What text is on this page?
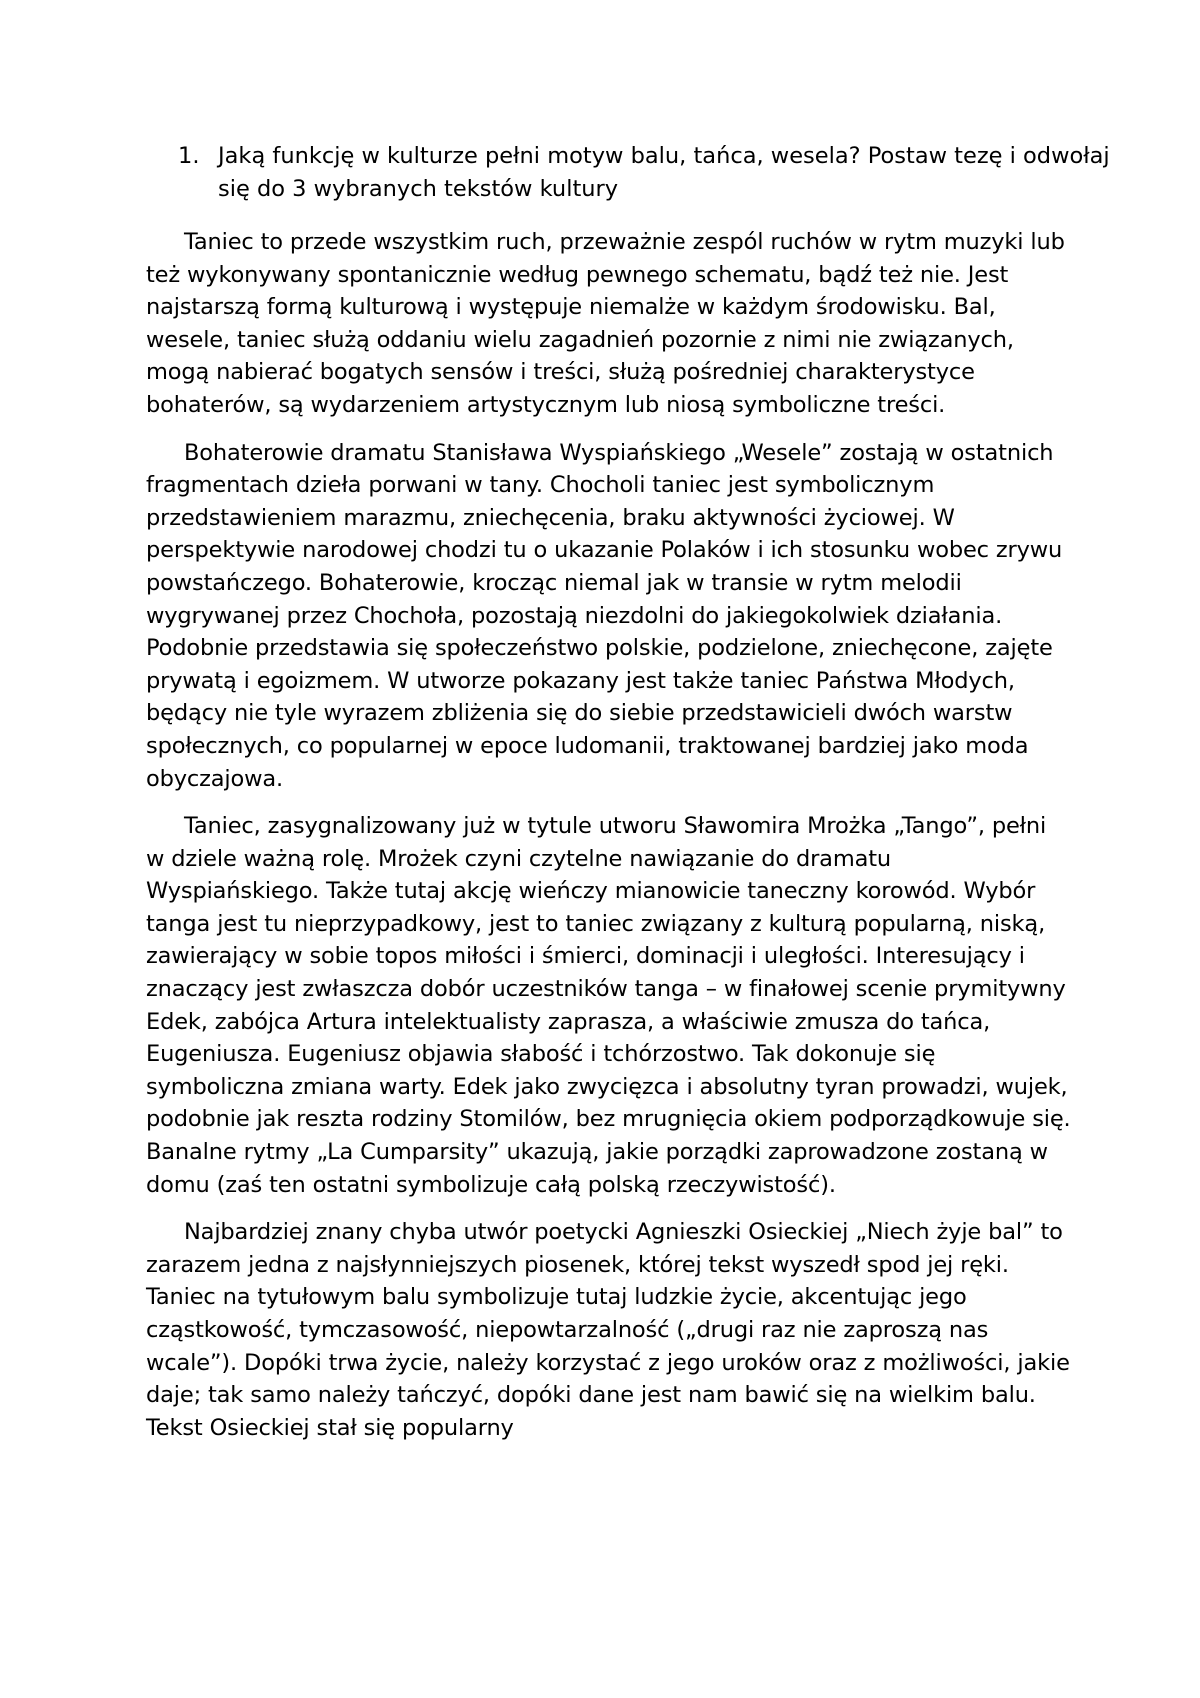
1. Jaką funkcję w kulturze pełni motyw balu, tańca, wesela? Postaw tezę i odwołaj się do 3 wybranych tekstów kultury

Taniec to przede wszystkim ruch, przeważnie zespól ruchów w rytm muzyki lub też wykonywany spontanicznie według pewnego schematu, bądź też nie. Jest najstarszą formą kulturową i występuje niemalże w każdym środowisku. Bal, wesele, taniec służą oddaniu wielu zagadnień pozornie z nimi nie związanych, mogą nabierać bogatych sensów i treści, służą pośredniej charakterystyce bohaterów, są wydarzeniem artystycznym lub niosą symboliczne treści.

Bohaterowie dramatu Stanisława Wyspiańskiego „Wesele” zostają w ostatnich fragmentach dzieła porwani w tany. Chocholi taniec jest symbolicznym przedstawieniem marazmu, zniechęcenia, braku aktywności życiowej. W perspektywie narodowej chodzi tu o ukazanie Polaków i ich stosunku wobec zrywu powstańczego. Bohaterowie, krocząc niemal jak w transie w rytm melodii wygrywanej przez Chochoła, pozostają niezdolni do jakiegokolwiek działania. Podobnie przedstawia się społeczeństwo polskie, podzielone, zniechęcone, zajęte prywatą i egoizmem. W utworze pokazany jest także taniec Państwa Młodych, będący nie tyle wyrazem zbliżenia się do siebie przedstawicieli dwóch warstw społecznych, co popularnej w epoce ludomanii, traktowanej bardziej jako moda obyczajowa.

Taniec, zasygnalizowany już w tytule utworu Sławomira Mrożka „Tango”, pełni w dziele ważną rolę. Mrożek czyni czytelne nawiązanie do dramatu Wyspiańskiego. Także tutaj akcję wieńczy mianowicie taneczny korowód. Wybór tanga jest tu nieprzypadkowy, jest to taniec związany z kulturą popularną, niską, zawierający w sobie topos miłości i śmierci, dominacji i uległości. Interesujący i znaczący jest zwłaszcza dobór uczestników tanga – w finałowej scenie prymitywny Edek, zabójca Artura intelektualisty zaprasza, a właściwie zmusza do tańca, Eugeniusza. Eugeniusz objawia słabość i tchórzostwo. Tak dokonuje się symboliczna zmiana warty. Edek jako zwycięzca i absolutny tyran prowadzi, wujek, podobnie jak reszta rodziny Stomilów, bez mrugnięcia okiem podporządkowuje się. Banalne rytmy „La Cumparsity” ukazują, jakie porządki zaprowadzone zostaną w domu (zaś ten ostatni symbolizuje całą polską rzeczywistość).

Najbardziej znany chyba utwór poetycki Agnieszki Osieckiej „Niech żyje bal” to zarazem jedna z najsłynniejszych piosenek, której tekst wyszedł spod jej ręki. Taniec na tytułowym balu symbolizuje tutaj ludzkie życie, akcentując jego cząstkowość, tymczasowość, niepowtarzalność („drugi raz nie zaproszą nas wcale”). Dopóki trwa życie, należy korzystać z jego uroków oraz z możliwości, jakie daje; tak samo należy tańczyć, dopóki dane jest nam bawić się na wielkim balu. Tekst Osieckiej stał się popularny
